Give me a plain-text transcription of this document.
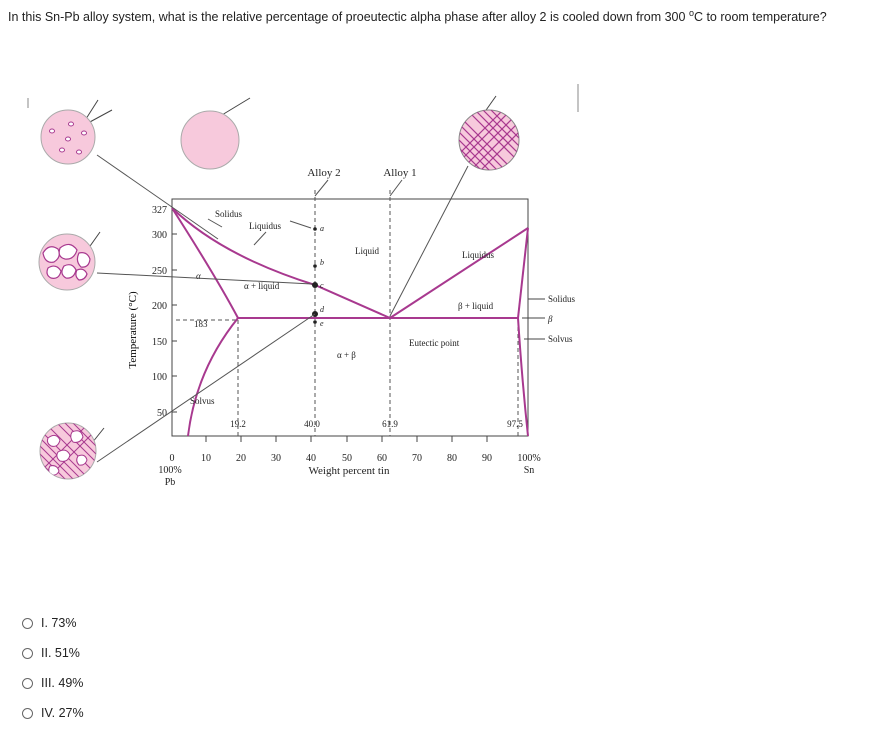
In this Sn-Pb alloy system, what is the relative percentage of proeutectic alpha phase after alloy 2 is cooled down from 300 $^o$C to room temperature?
327
300
250
200
150
100
50
Temperature (°C)
0	10	20	30	40	50	60	70	80	90
100%
Pb
100%
Sn
Weight percent tin
a
b
c
d
e
Solidus
Liquidus
Liquid	Liquidus
α
α + liquid
β + liquid
α + β
Eutectic point
Solvus
183
Solidus
β
Solvus
19.2	40.0	61.9	97.5
Alloy 2	Alloy 1
I. 73%
II. 51%
III. 49%
IV. 27%
